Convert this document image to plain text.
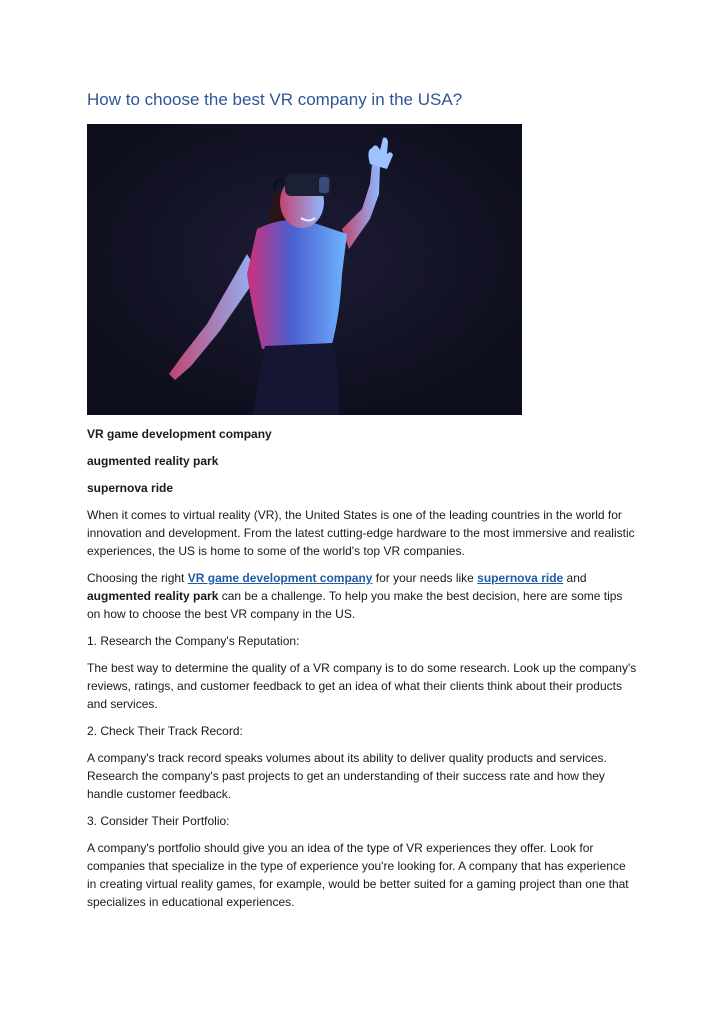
How to choose the best VR company in the USA?

VR game development company

augmented reality park

supernova ride

When it comes to virtual reality (VR), the United States is one of the leading countries in the world for innovation and development. From the latest cutting-edge hardware to the most immersive and realistic experiences, the US is home to some of the world's top VR companies.

Choosing the right VR game development company for your needs like supernova ride and augmented reality park can be a challenge. To help you make the best decision, here are some tips on how to choose the best VR company in the US.

1. Research the Company's Reputation:

The best way to determine the quality of a VR company is to do some research. Look up the company's reviews, ratings, and customer feedback to get an idea of what their clients think about their products and services.

2. Check Their Track Record:

A company's track record speaks volumes about its ability to deliver quality products and services. Research the company's past projects to get an understanding of their success rate and how they handle customer feedback.

3. Consider Their Portfolio:

A company's portfolio should give you an idea of the type of VR experiences they offer. Look for companies that specialize in the type of experience you're looking for. A company that has experience in creating virtual reality games, for example, would be better suited for a gaming project than one that specializes in educational experiences.
